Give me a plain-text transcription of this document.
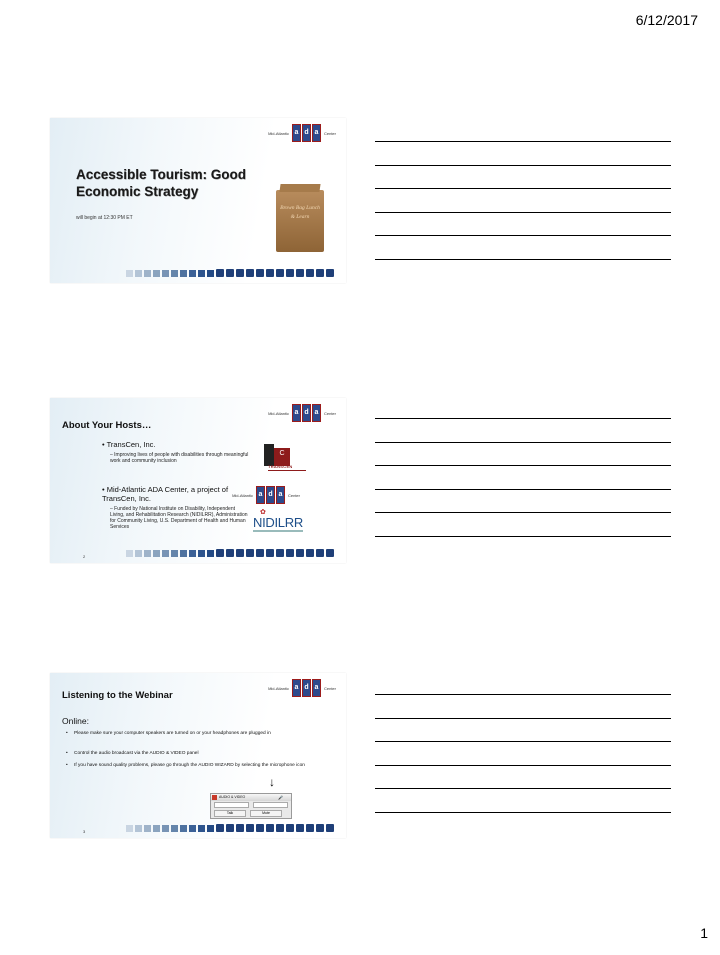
6/12/2017
Mid-Atlantic a d a	Center
Accessible Tourism: Good Economic Strategy
will begin at 12:30 PM ET
Brown Bag Lunch & Learn
Mid-Atlantic a d a	Center
About Your Hosts…
• TransCen, Inc.
– Improving lives of people with disabilities through meaningful work and community inclusion
• Mid-Atlantic ADA Center, a project of TransCen, Inc.
– Funded by National Institute on Disability, Independent Living, and Rehabilitation Research (NIDILRR), Administration for Community Living, U.S. Department of Health and Human Services
C
TRANSCEN
Mid-Atlantic a d a	Center
✿
NIDILRR
2
Mid-Atlantic a d a	Center
Listening to the Webinar
Online:
• Please make sure your computer speakers are turned on or your headphones are plugged in
• Control the audio broadcast via the AUDIO & VIDEO panel
• If you have sound quality problems, please go through the AUDIO WIZARD by selecting the microphone icon
↓
AUDIO & VIDEO	🎤
Talk	Mute
3
1
